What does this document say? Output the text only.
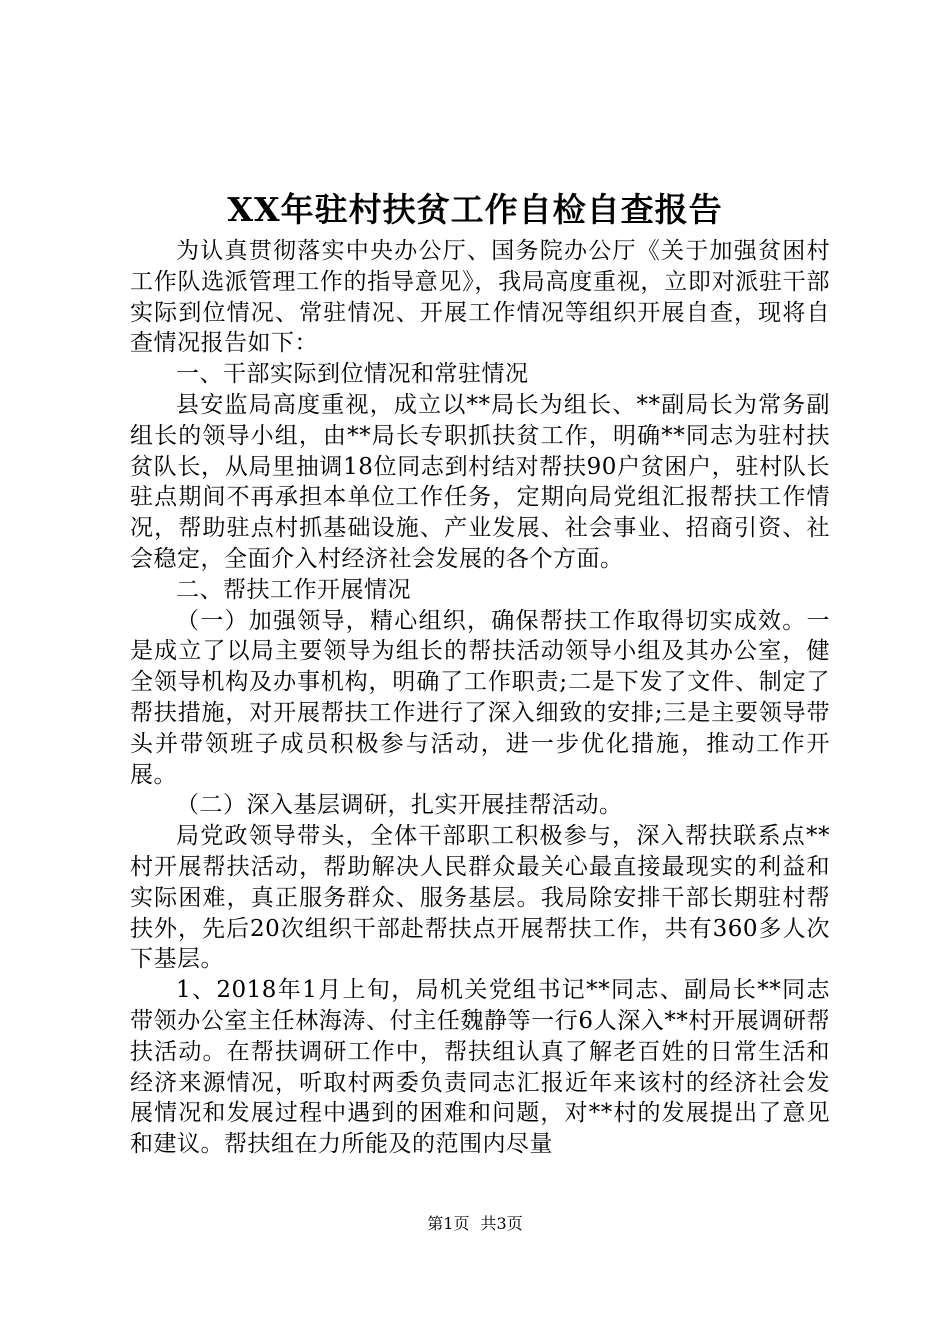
XX年驻村扶贫工作自检自查报告

为认真贯彻落实中央办公厅、国务院办公厅《关于加强贫困村工作队选派管理工作的指导意见》，我局高度重视，立即对派驻干部实际到位情况、常驻情况、开展工作情况等组织开展自查，现将自查情况报告如下：

一、干部实际到位情况和常驻情况

县安监局高度重视，成立以**局长为组长、**副局长为常务副组长的领导小组，由**局长专职抓扶贫工作，明确**同志为驻村扶贫队长，从局里抽调18位同志到村结对帮扶90户贫困户，驻村队长驻点期间不再承担本单位工作任务，定期向局党组汇报帮扶工作情况，帮助驻点村抓基础设施、产业发展、社会事业、招商引资、社会稳定，全面介入村经济社会发展的各个方面。

二、帮扶工作开展情况

（一）加强领导，精心组织，确保帮扶工作取得切实成效。一是成立了以局主要领导为组长的帮扶活动领导小组及其办公室，健全领导机构及办事机构，明确了工作职责;二是下发了文件、制定了帮扶措施，对开展帮扶工作进行了深入细致的安排;三是主要领导带头并带领班子成员积极参与活动，进一步优化措施，推动工作开展。

（二）深入基层调研，扎实开展挂帮活动。

局党政领导带头，全体干部职工积极参与，深入帮扶联系点**村开展帮扶活动，帮助解决人民群众最关心最直接最现实的利益和实际困难，真正服务群众、服务基层。我局除安排干部长期驻村帮扶外，先后20次组织干部赴帮扶点开展帮扶工作，共有360多人次下基层。

1、2018年1月上旬，局机关党组书记**同志、副局长**同志带领办公室主任林海涛、付主任魏静等一行6人深入**村开展调研帮扶活动。在帮扶调研工作中，帮扶组认真了解老百姓的日常生活和经济来源情况，听取村两委负责同志汇报近年来该村的经济社会发展情况和发展过程中遇到的困难和问题，对**村的发展提出了意见和建议。帮扶组在力所能及的范围内尽量

第1页 共3页
